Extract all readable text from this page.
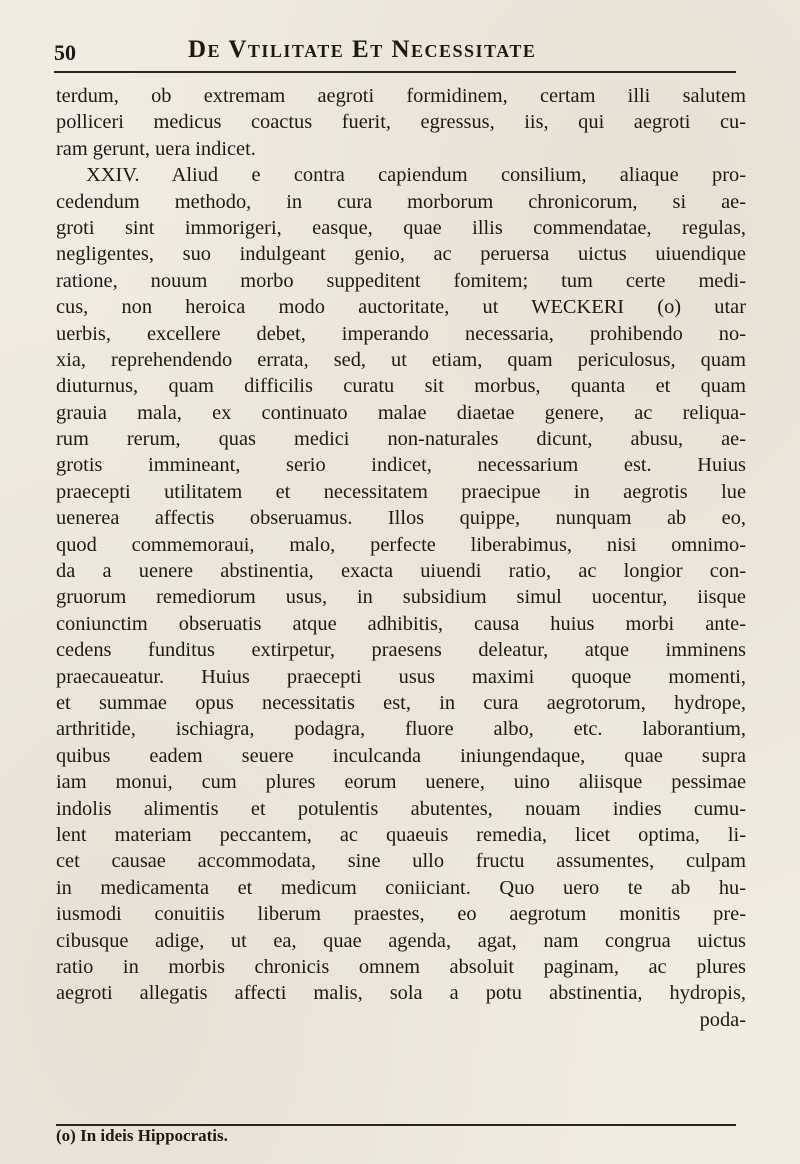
50	De Vtilitate Et Necessitate
terdum, ob extremam aegroti formidinem, certam illi salutem
polliceri medicus coactus fuerit, egressus, iis, qui aegroti cu-
ram gerunt, uera indicet.
XXIV. Aliud e contra capiendum consilium, aliaque pro-
cedendum methodo, in cura morborum chronicorum, si ae-
groti sint immorigeri, easque, quae illis commendatae, regulas,
negligentes, suo indulgeant genio, ac peruersa uictus uiuendique
ratione, nouum morbo suppeditent fomitem; tum certe medi-
cus, non heroica modo auctoritate, ut WECKERI (o) utar
uerbis, excellere debet, imperando necessaria, prohibendo no-
xia, reprehendendo errata, sed, ut etiam, quam periculosus, quam
diuturnus, quam difficilis curatu sit morbus, quanta et quam
grauia mala, ex continuato malae diaetae genere, ac reliqua-
rum rerum, quas medici non-naturales dicunt, abusu, ae-
grotis immineant, serio indicet, necessarium est. Huius
praecepti utilitatem et necessitatem praecipue in aegrotis lue
uenerea affectis obseruamus. Illos quippe, nunquam ab eo,
quod commemoraui, malo, perfecte liberabimus, nisi omnimo-
da a uenere abstinentia, exacta uiuendi ratio, ac longior con-
gruorum remediorum usus, in subsidium simul uocentur, iisque
coniunctim obseruatis atque adhibitis, causa huius morbi ante-
cedens funditus extirpetur, praesens deleatur, atque imminens
praecaueatur. Huius praecepti usus maximi quoque momenti,
et summae opus necessitatis est, in cura aegrotorum, hydrope,
arthritide, ischiagra, podagra, fluore albo, etc. laborantium,
quibus eadem seuere inculcanda iniungendaque, quae supra
iam monui, cum plures eorum uenere, uino aliisque pessimae
indolis alimentis et potulentis abutentes, nouam indies cumu-
lent materiam peccantem, ac quaeuis remedia, licet optima, li-
cet causae accommodata, sine ullo fructu assumentes, culpam
in medicamenta et medicum coniiciant. Quo uero te ab hu-
iusmodi conuitiis liberum praestes, eo aegrotum monitis pre-
cibusque adige, ut ea, quae agenda, agat, nam congrua uictus
ratio in morbis chronicis omnem absoluit paginam, ac plures
aegroti allegatis affecti malis, sola a potu abstinentia, hydropis,
poda-
(o) In ideis Hippocratis.
